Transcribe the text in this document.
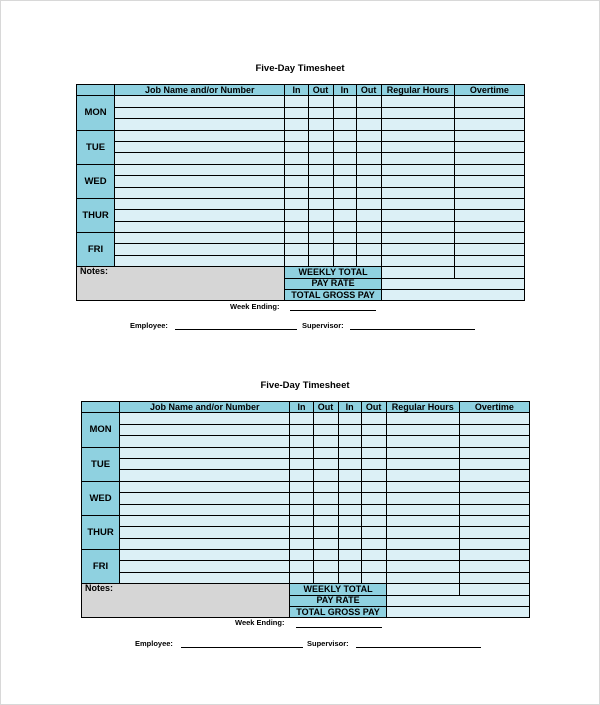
Five-Day Timesheet
	Job Name and/or Number	In	Out	In	Out	Regular Hours	Overtime
MON							

TUE							

WED							

THUR							

FRI							

Notes:		WEEKLY TOTAL					
		PAY RATE					
		TOTAL GROSS PAY					
Week Ending:
Employee:	Supervisor:
Five-Day Timesheet
	Job Name and/or Number	In	Out	In	Out	Regular Hours	Overtime
MON							

TUE							

WED							

THUR							

FRI							

Notes:		WEEKLY TOTAL					
		PAY RATE					
		TOTAL GROSS PAY					
Week Ending:
Employee:	Supervisor:
